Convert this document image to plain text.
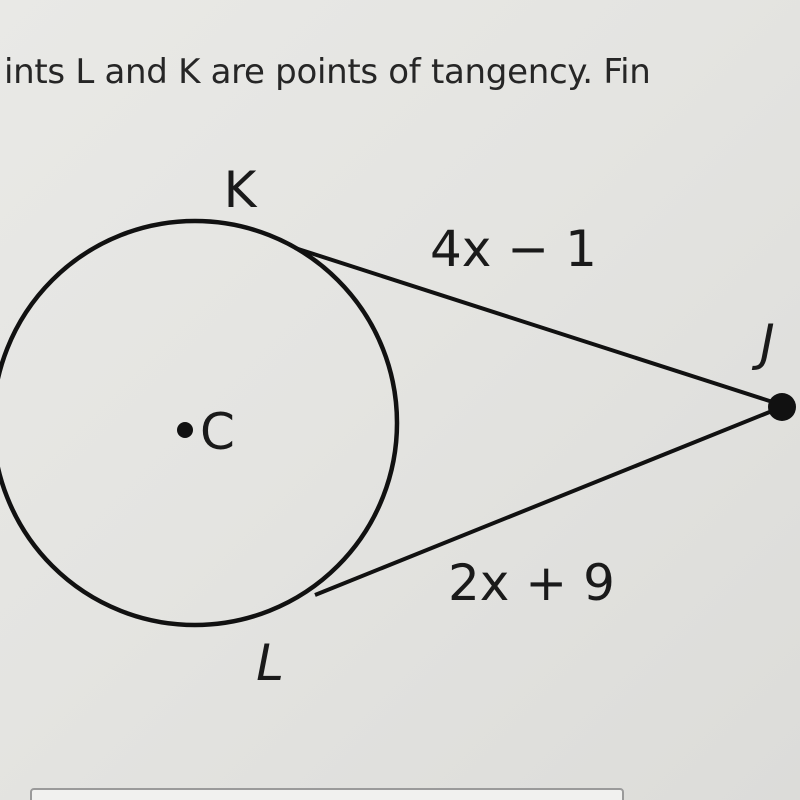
ints L and K are points of tangency. Fin

K
C
L
J
4x − 1
2x + 9
